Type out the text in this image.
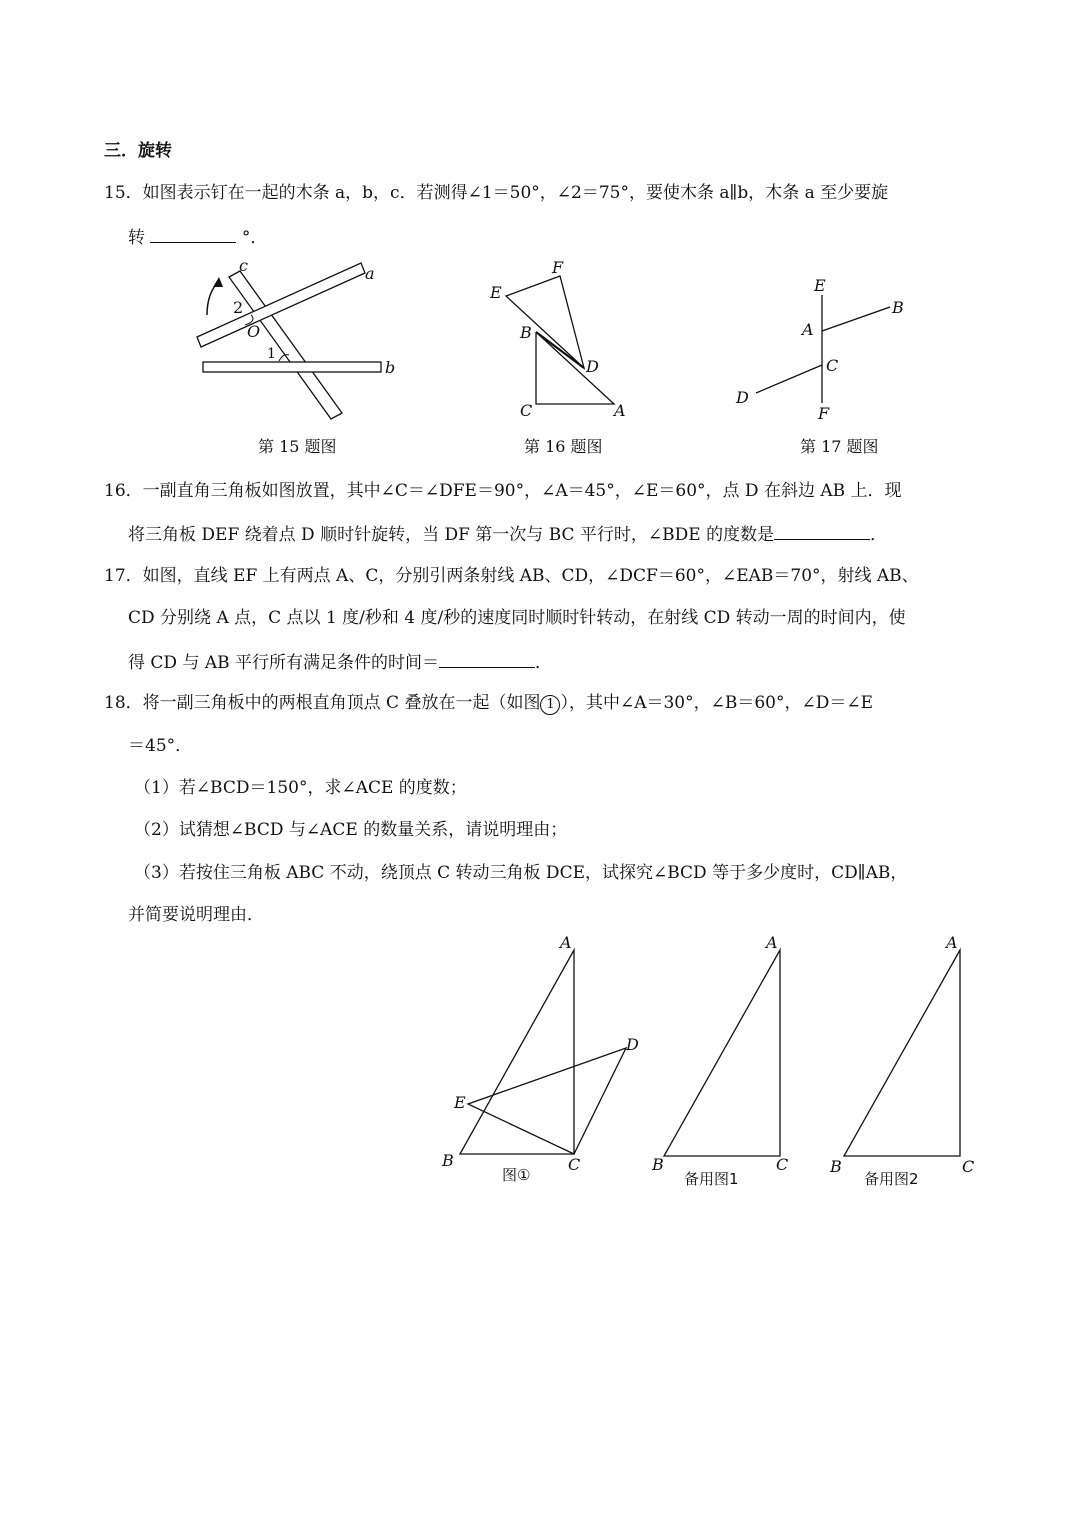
三．旋转
15．如图表示钉在一起的木条 a，b，c．若测得∠1＝50°，∠2＝75°，要使木条 a∥b，木条 a 至少要旋
转	°．
c	a
b
O
2
1
第 15 题图
E
F
B
D
C	A
第 16 题图
E
B
A
C
D
F
第 17 题图
16．一副直角三角板如图放置，其中∠C＝∠DFE＝90°，∠A＝45°，∠E＝60°，点 D 在斜边 AB 上．现
将三角板 DEF 绕着点 D 顺时针旋转，当 DF 第一次与 BC 平行时，∠BDE 的度数是	．
17．如图，直线 EF 上有两点 A、C，分别引两条射线 AB、CD，∠DCF＝60°，∠EAB＝70°，射线 AB、
CD 分别绕 A 点，C 点以 1 度/秒和 4 度/秒的速度同时顺时针转动，在射线 CD 转动一周的时间内，使
得 CD 与 AB 平行所有满足条件的时间＝	．
18．将一副三角板中的两根直角顶点 C 叠放在一起（如图 1 ），其中∠A＝30°，∠B＝60°，∠D＝∠E
＝45°．
（1）若∠BCD＝150°，求∠ACE 的度数；
（2）试猜想∠BCD 与∠ACE 的数量关系，请说明理由；
（3）若按住三角板 ABC 不动，绕顶点 C 转动三角板 DCE，试探究∠BCD 等于多少度时，CD∥AB，
并简要说明理由．
A
B	C
D
E
图①
A
B	C
备用图1
A
B	C
备用图2
